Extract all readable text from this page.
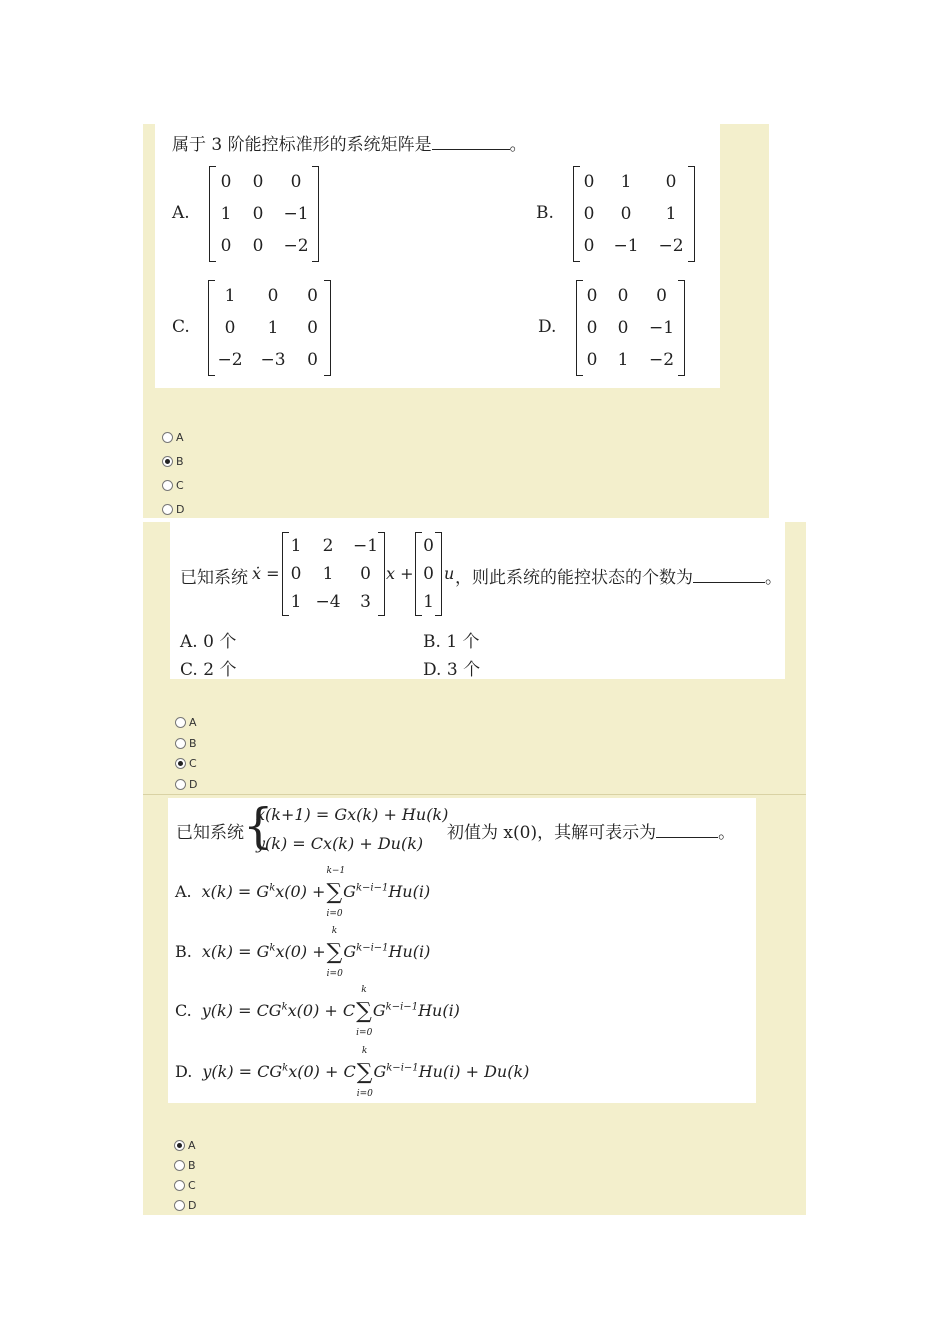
属于 3 阶能控标准形的系统矩阵是	。
A.
0	0	0
1	0	−1
0	0	−2
B.
0	1	0
0	0	1
0	−1	−2
C.
1	0	0
0	1	0
−2	−3	0
D.
0	0	0
0	0	−1
0	1	−2
A
B
C
D
已知系统 ẋ =
1	2	−1
0	1	0
1	−4	3
x +
0
0
1
u ，则此系统的能控状态的个数为	。
A. 0 个	B. 1 个
C. 2 个	D. 3 个
A
B
C
D
已知系统 {
x(k+1) = Gx(k) + Hu(k)
y(k) = Cx(k) + Du(k)
初值为 x(0)，其解可表示为	。
A. $x(k) = G^kx(0)$ +
k−1
∑
i=0
$G^{k-i-1}Hu(i)$
B. $x(k) = G^kx(0)$ +
k
∑
i=0
$G^{k-i-1}Hu(i)$
C. $y(k) = CG^kx(0) + C$
k
∑
i=0
$G^{k-i-1}Hu(i)$
D. $y(k) = CG^kx(0) + C$
k
∑
i=0
$G^{k-i-1}Hu(i) + Du(k)$
A
B
C
D
